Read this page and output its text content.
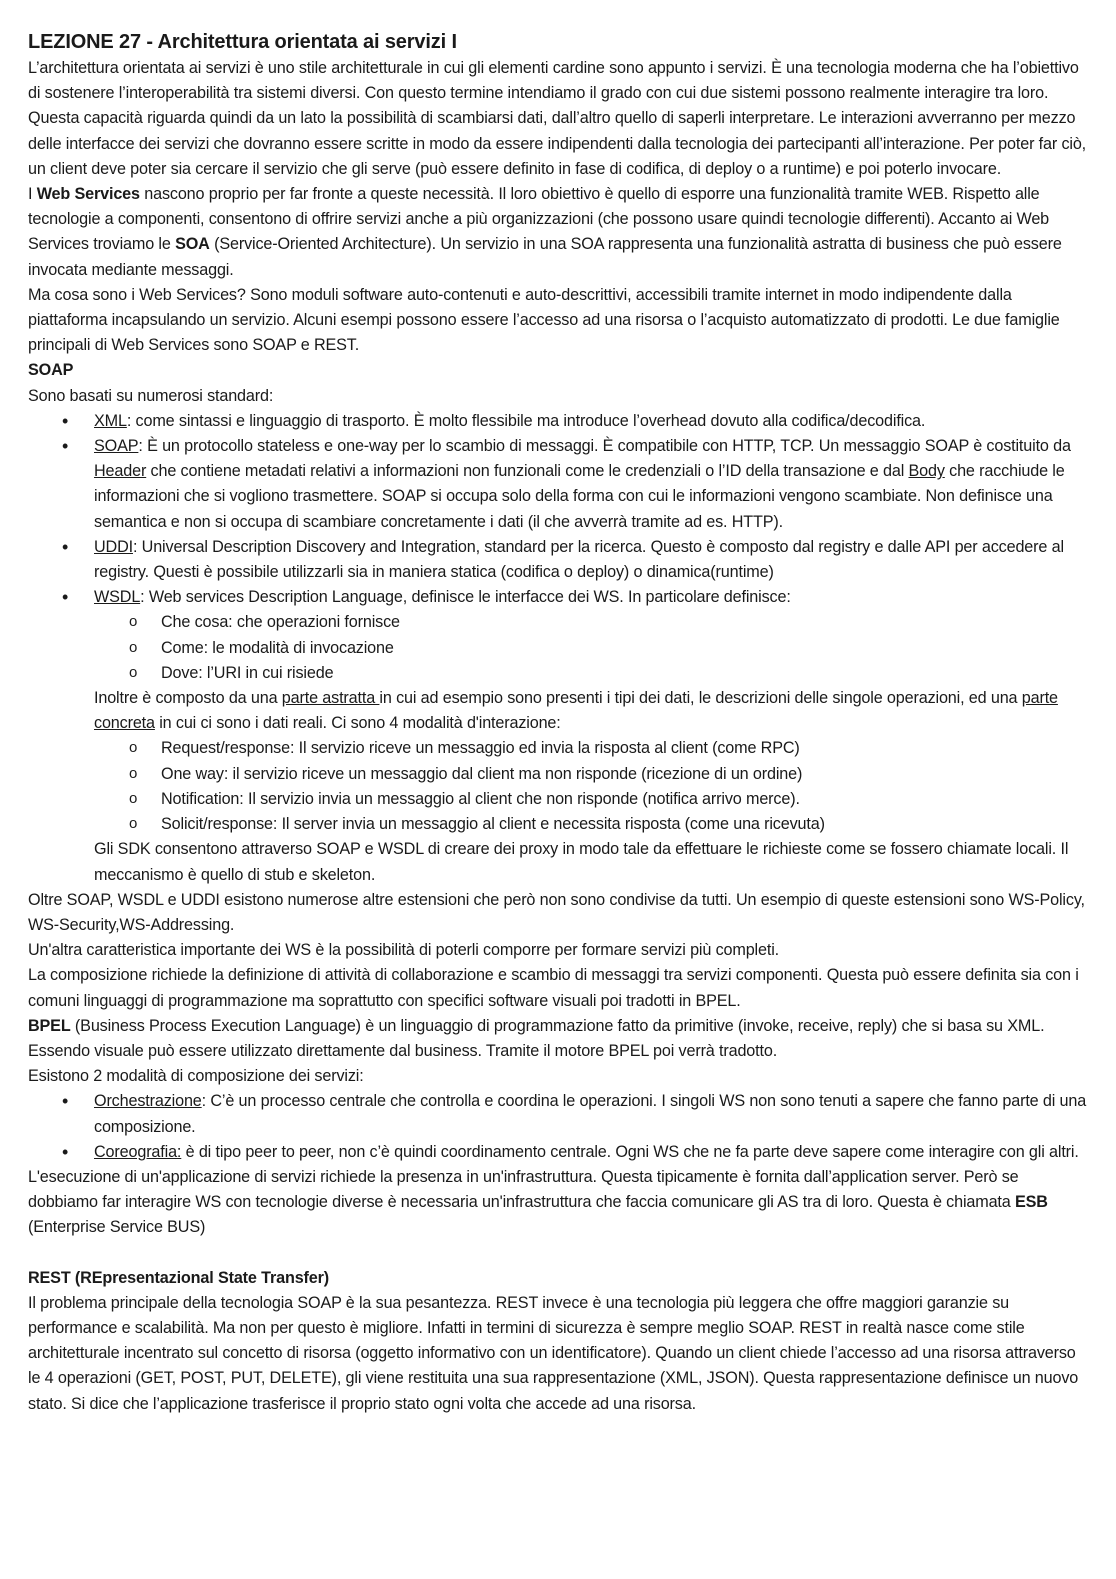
LEZIONE 27 - Architettura orientata ai servizi I

L’architettura orientata ai servizi è uno stile architetturale in cui gli elementi cardine sono appunto i servizi. È una tecnologia moderna che ha l’obiettivo di sostenere l’interoperabilità tra sistemi diversi. Con questo termine intendiamo il grado con cui due sistemi possono realmente interagire tra loro. Questa capacità riguarda quindi da un lato la possibilità di scambiarsi dati, dall’altro quello di saperli interpretare. Le interazioni avverranno per mezzo delle interfacce dei servizi che dovranno essere scritte in modo da essere indipendenti dalla tecnologia dei partecipanti all’interazione. Per poter far ciò, un client deve poter sia cercare il servizio che gli serve (può essere definito in fase di codifica, di deploy o a runtime) e poi poterlo invocare.

I Web Services nascono proprio per far fronte a queste necessità. Il loro obiettivo è quello di esporre una funzionalità tramite WEB. Rispetto alle tecnologie a componenti, consentono di offrire servizi anche a più organizzazioni (che possono usare quindi tecnologie differenti). Accanto ai Web Services troviamo le SOA (Service-Oriented Architecture). Un servizio in una SOA rappresenta una funzionalità astratta di business che può essere invocata mediante messaggi.

Ma cosa sono i Web Services? Sono moduli software auto-contenuti e auto-descrittivi, accessibili tramite internet in modo indipendente dalla piattaforma incapsulando un servizio. Alcuni esempi possono essere l’accesso ad una risorsa o l’acquisto automatizzato di prodotti. Le due famiglie principali di Web Services sono SOAP e REST.

SOAP

Sono basati su numerosi standard:

• XML: come sintassi e linguaggio di trasporto. È molto flessibile ma introduce l’overhead dovuto alla codifica/decodifica.
• SOAP: È un protocollo stateless e one-way per lo scambio di messaggi. È compatibile con HTTP, TCP. Un messaggio SOAP è costituito da Header che contiene metadati relativi a informazioni non funzionali come le credenziali o l’ID della transazione e dal Body che racchiude le informazioni che si vogliono trasmettere. SOAP si occupa solo della forma con cui le informazioni vengono scambiate. Non definisce una semantica e non si occupa di scambiare concretamente i dati (il che avverrà tramite ad es. HTTP).
• UDDI: Universal Description Discovery and Integration, standard per la ricerca. Questo è composto dal registry e dalle API per accedere al registry. Questi è possibile utilizzarli sia in maniera statica (codifica o deploy) o dinamica(runtime)
• WSDL: Web services Description Language, definisce le interfacce dei WS. In particolare definisce:
o Che cosa: che operazioni fornisce
o Come: le modalità di invocazione
o Dove: l’URI in cui risiede

Inoltre è composto da una parte astratta in cui ad esempio sono presenti i tipi dei dati, le descrizioni delle singole operazioni, ed una parte concreta in cui ci sono i dati reali. Ci sono 4 modalità d'interazione:

o Request/response: Il servizio riceve un messaggio ed invia la risposta al client (come RPC)
o One way: il servizio riceve un messaggio dal client ma non risponde (ricezione di un ordine)
o Notification: Il servizio invia un messaggio al client che non risponde (notifica arrivo merce).
o Solicit/response: Il server invia un messaggio al client e necessita risposta (come una ricevuta)

Gli SDK consentono attraverso SOAP e WSDL di creare dei proxy in modo tale da effettuare le richieste come se fossero chiamate locali. Il meccanismo è quello di stub e skeleton.

Oltre SOAP, WSDL e UDDI esistono numerose altre estensioni che però non sono condivise da tutti. Un esempio di queste estensioni sono WS-Policy, WS-Security,WS-Addressing.

Un'altra caratteristica importante dei WS è la possibilità di poterli comporre per formare servizi più completi.

La composizione richiede la definizione di attività di collaborazione e scambio di messaggi tra servizi componenti. Questa può essere definita sia con i comuni linguaggi di programmazione ma soprattutto con specifici software visuali poi tradotti in BPEL.

BPEL (Business Process Execution Language) è un linguaggio di programmazione fatto da primitive (invoke, receive, reply) che si basa su XML. Essendo visuale può essere utilizzato direttamente dal business. Tramite il motore BPEL poi verrà tradotto.

Esistono 2 modalità di composizione dei servizi:

• Orchestrazione: C’è un processo centrale che controlla e coordina le operazioni. I singoli WS non sono tenuti a sapere che fanno parte di una composizione.
• Coreografia: è di tipo peer to peer, non c’è quindi coordinamento centrale. Ogni WS che ne fa parte deve sapere come interagire con gli altri.

L'esecuzione di un'applicazione di servizi richiede la presenza in un'infrastruttura. Questa tipicamente è fornita dall’application server. Però se dobbiamo far interagire WS con tecnologie diverse è necessaria un'infrastruttura che faccia comunicare gli AS tra di loro. Questa è chiamata ESB (Enterprise Service BUS)

REST (REpresentazional State Transfer)

Il problema principale della tecnologia SOAP è la sua pesantezza. REST invece è una tecnologia più leggera che offre maggiori garanzie su performance e scalabilità. Ma non per questo è migliore. Infatti in termini di sicurezza è sempre meglio SOAP. REST in realtà nasce come stile architetturale incentrato sul concetto di risorsa (oggetto informativo con un identificatore). Quando un client chiede l’accesso ad una risorsa attraverso le 4 operazioni (GET, POST, PUT, DELETE), gli viene restituita una sua rappresentazione (XML, JSON). Questa rappresentazione definisce un nuovo stato. Si dice che l’applicazione trasferisce il proprio stato ogni volta che accede ad una risorsa.
